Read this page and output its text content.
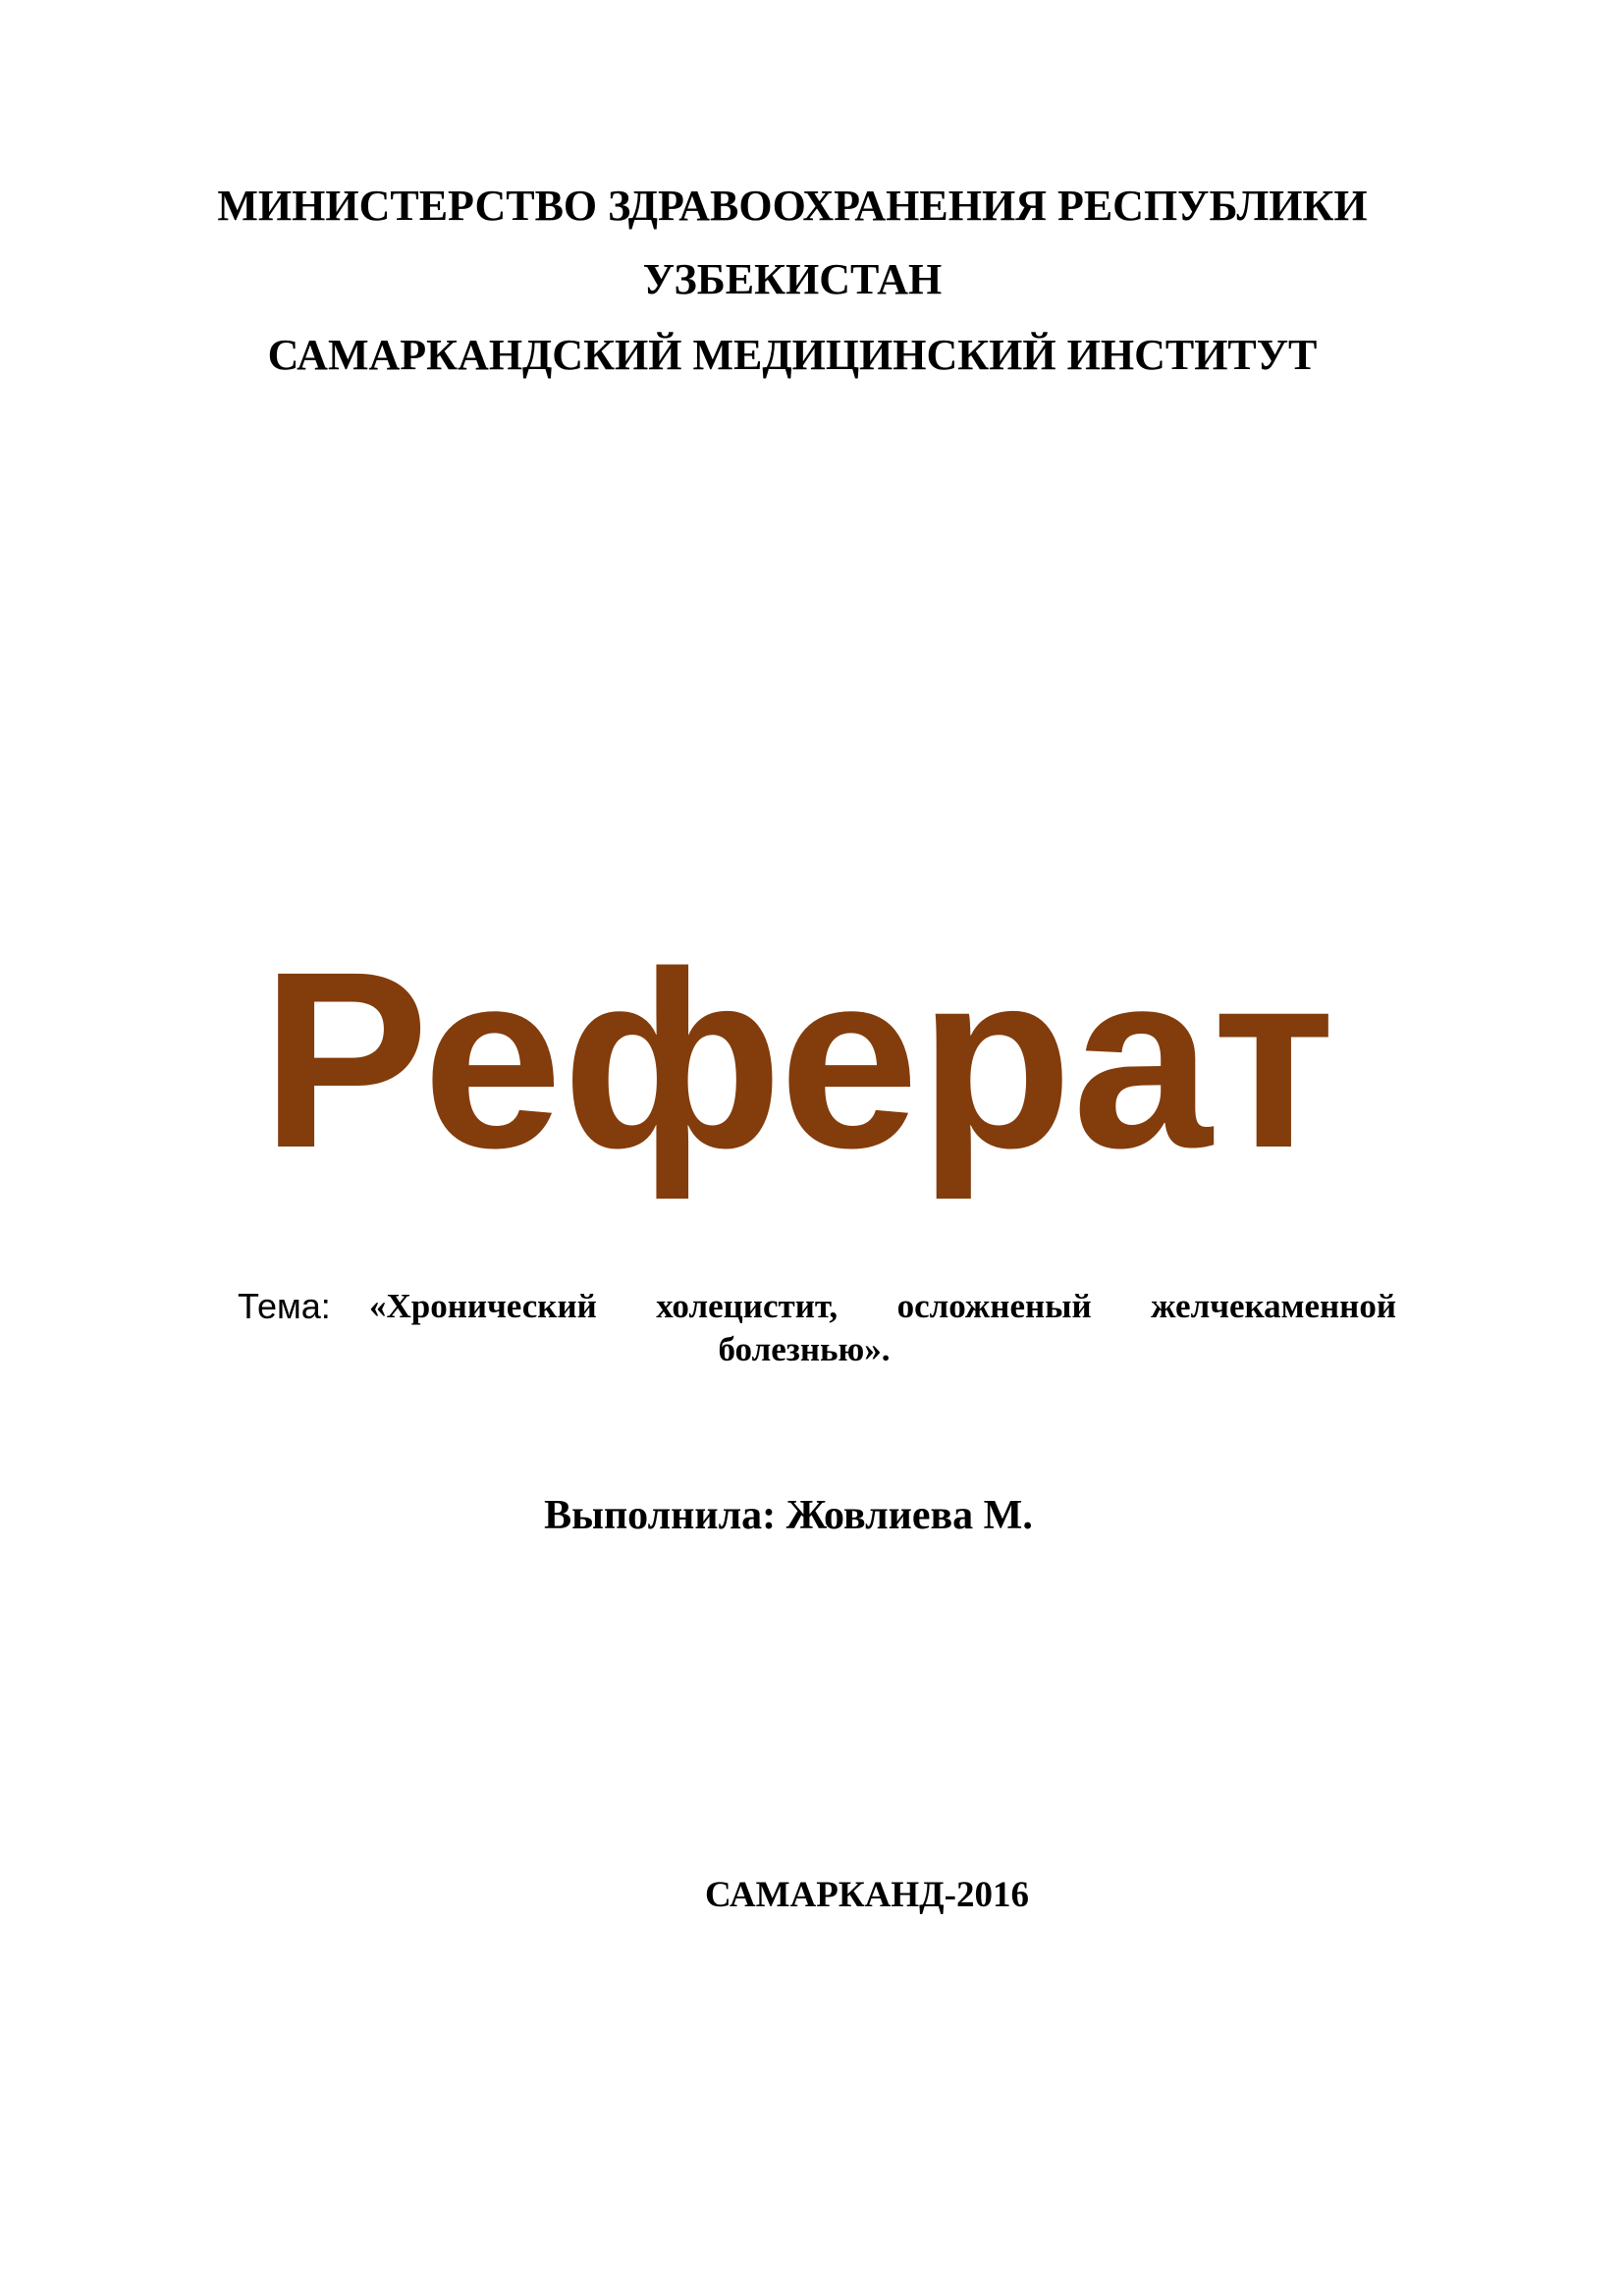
МИНИСТЕРСТВО ЗДРАВООХРАНЕНИЯ РЕСПУБЛИКИ
УЗБЕКИСТАН
САМАРКАНДСКИЙ МЕДИЦИНСКИЙ ИНСТИТУТ
Реферат
Тема: «Хронический холецистит, осложненый желчекаменной
болезнью».
Выполнила: Жовлиева М.
САМАРКАНД-2016
